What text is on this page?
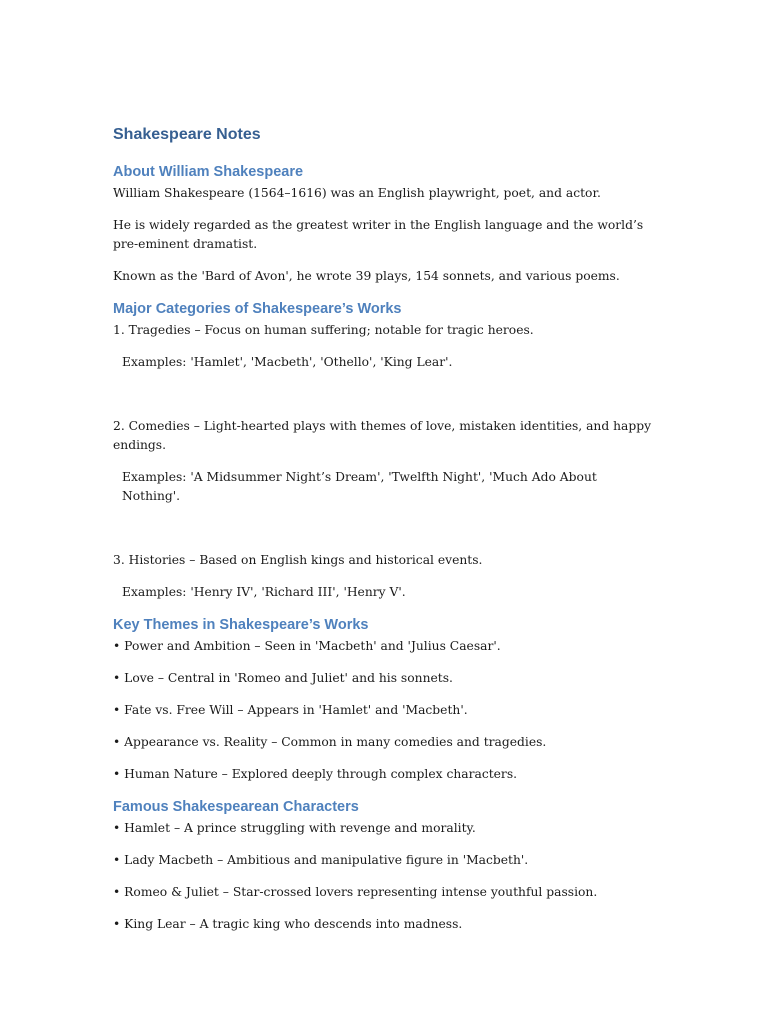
Shakespeare Notes
About William Shakespeare

William Shakespeare (1564–1616) was an English playwright, poet, and actor.

He is widely regarded as the greatest writer in the English language and the world’s pre-eminent dramatist.

Known as the 'Bard of Avon', he wrote 39 plays, 154 sonnets, and various poems.

Major Categories of Shakespeare’s Works

1. Tragedies – Focus on human suffering; notable for tragic heroes.

Examples: 'Hamlet', 'Macbeth', 'Othello', 'King Lear'.

2. Comedies – Light-hearted plays with themes of love, mistaken identities, and happy endings.

Examples: 'A Midsummer Night’s Dream', 'Twelfth Night', 'Much Ado About Nothing'.

3. Histories – Based on English kings and historical events.

Examples: 'Henry IV', 'Richard III', 'Henry V'.

Key Themes in Shakespeare’s Works

• Power and Ambition – Seen in 'Macbeth' and 'Julius Caesar'.

• Love – Central in 'Romeo and Juliet' and his sonnets.

• Fate vs. Free Will – Appears in 'Hamlet' and 'Macbeth'.

• Appearance vs. Reality – Common in many comedies and tragedies.

• Human Nature – Explored deeply through complex characters.

Famous Shakespearean Characters

• Hamlet – A prince struggling with revenge and morality.

• Lady Macbeth – Ambitious and manipulative figure in 'Macbeth'.

• Romeo & Juliet – Star-crossed lovers representing intense youthful passion.

• King Lear – A tragic king who descends into madness.
